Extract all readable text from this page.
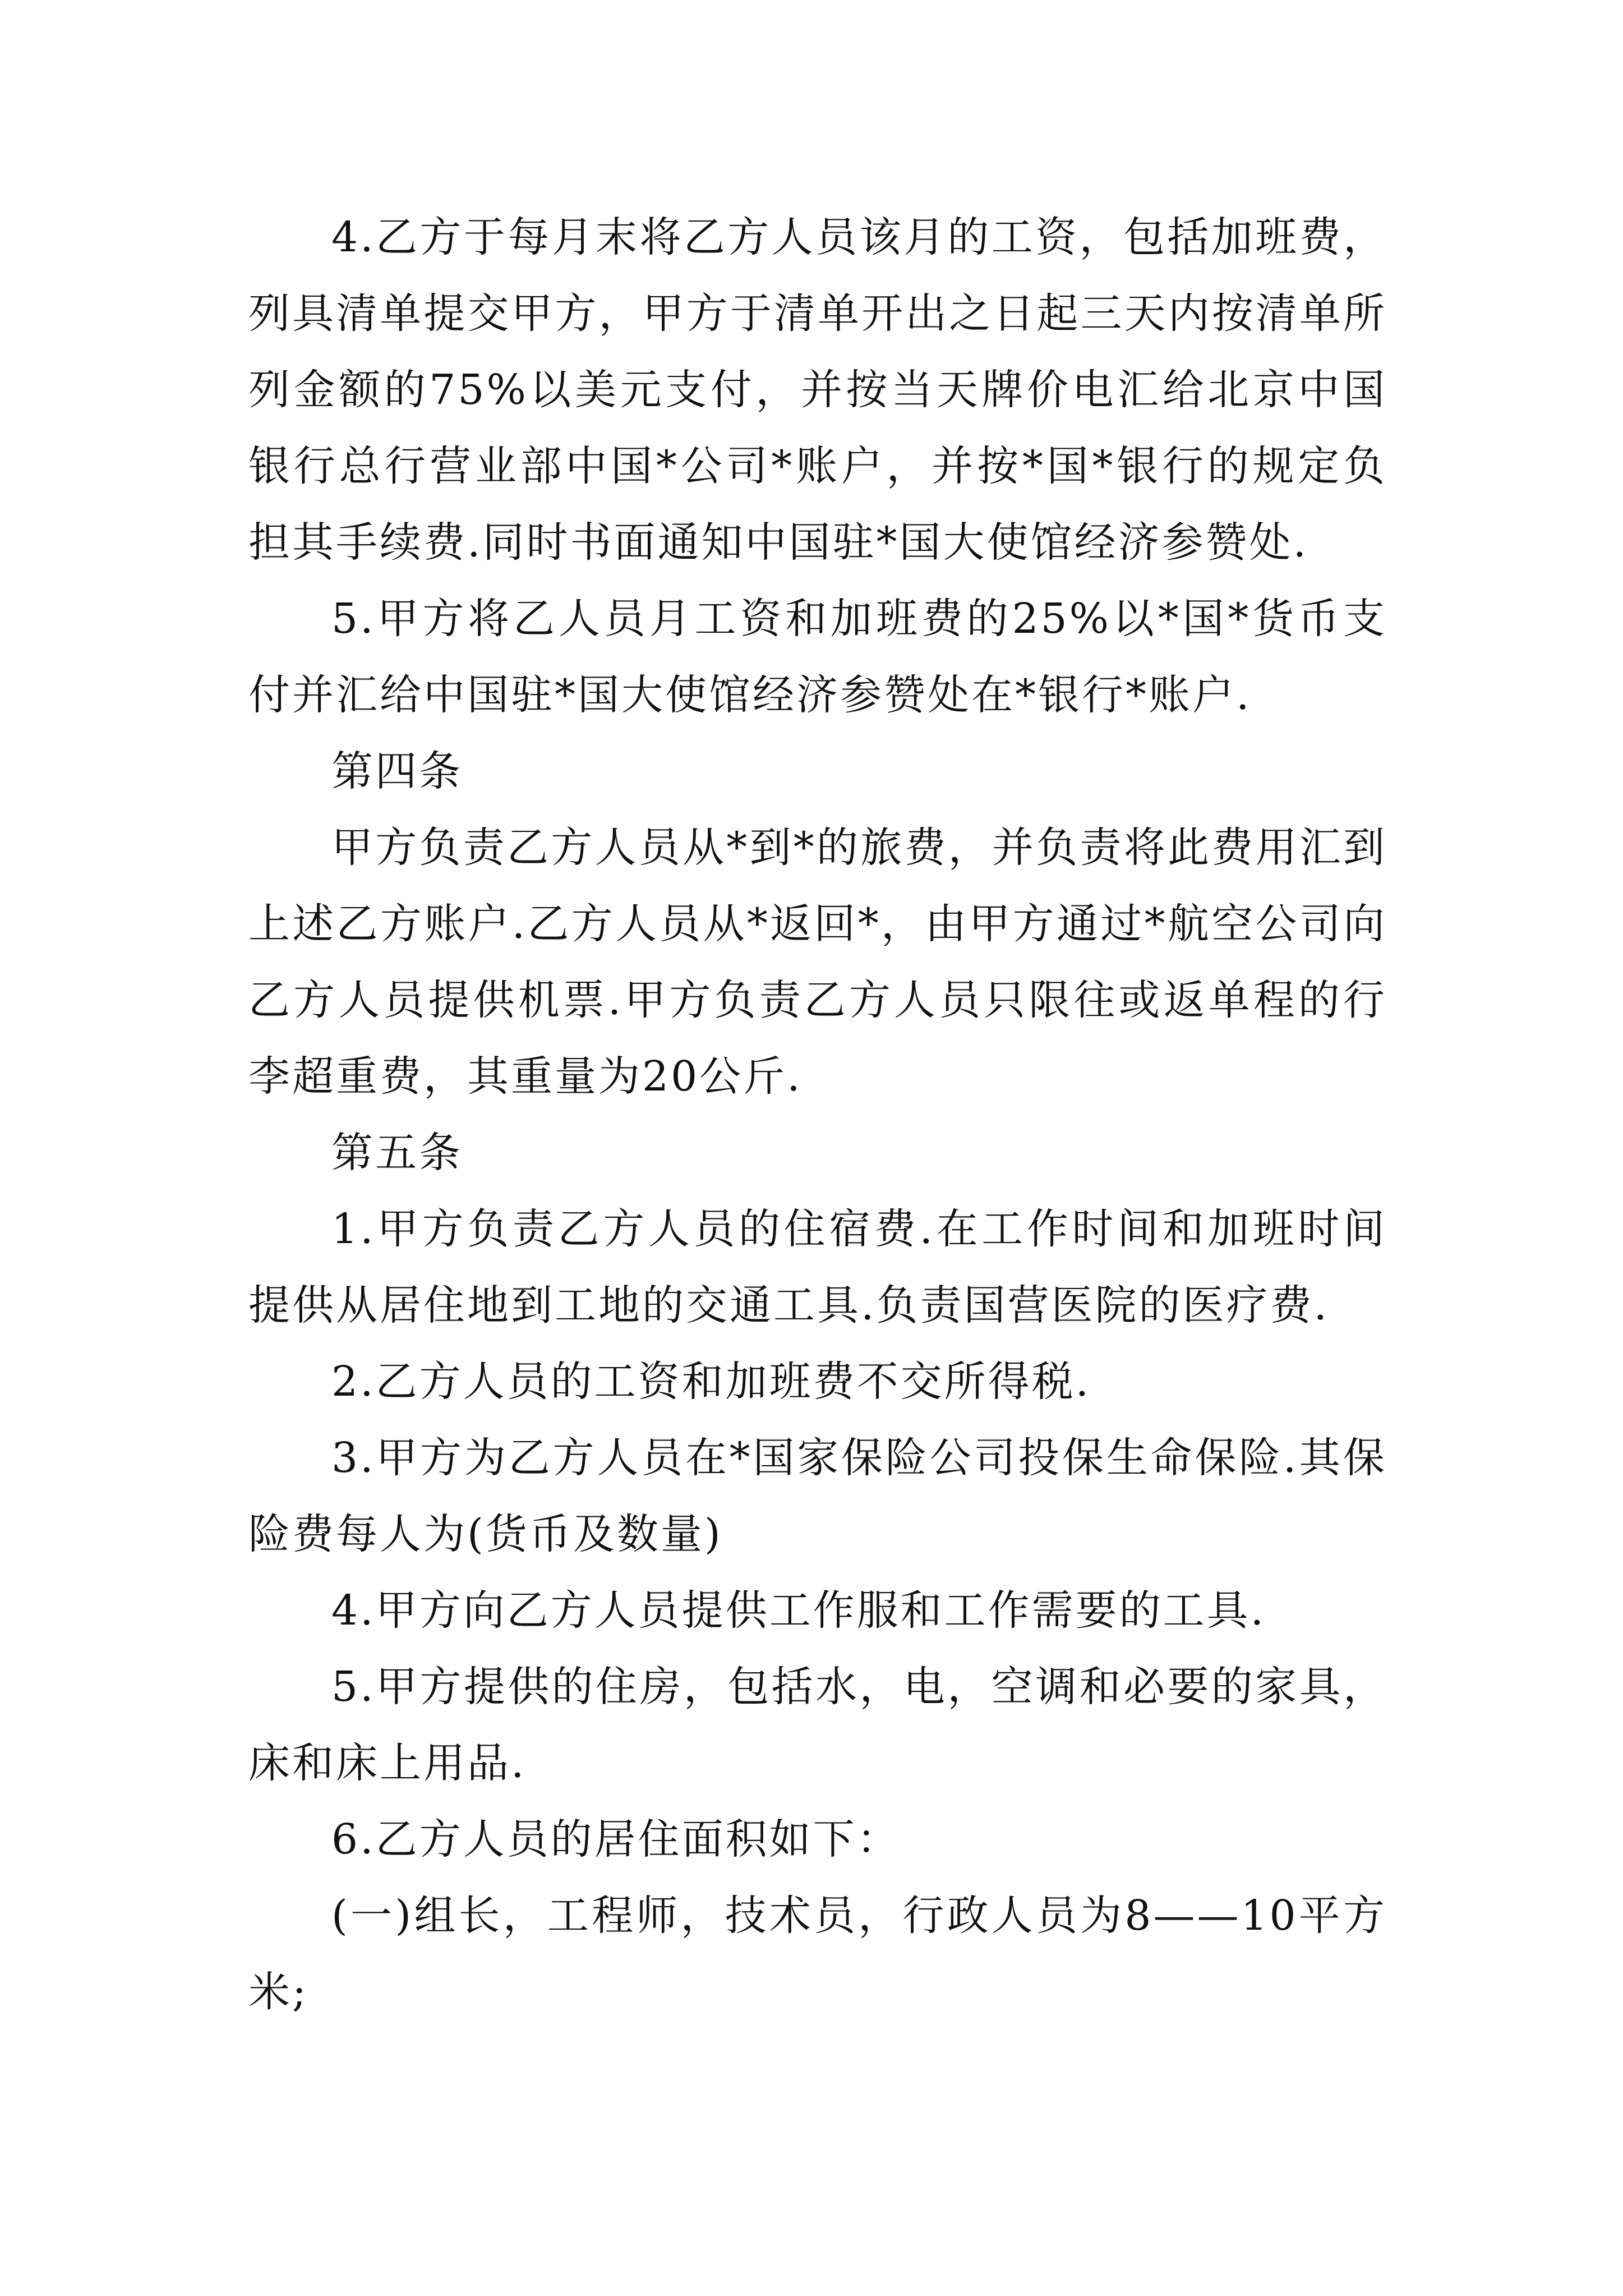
4.乙方于每月末将乙方人员该月的工资，包括加班费，列具清单提交甲方，甲方于清单开出之日起三天内按清单所列金额的75%以美元支付，并按当天牌价电汇给北京中国银行总行营业部中国*公司*账户，并按*国*银行的规定负担其手续费.同时书面通知中国驻*国大使馆经济参赞处.

5.甲方将乙人员月工资和加班费的25%以*国*货币支付并汇给中国驻*国大使馆经济参赞处在*银行*账户.

第四条

甲方负责乙方人员从*到*的旅费，并负责将此费用汇到上述乙方账户.乙方人员从*返回*，由甲方通过*航空公司向乙方人员提供机票.甲方负责乙方人员只限往或返单程的行李超重费，其重量为20公斤.

第五条

1.甲方负责乙方人员的住宿费.在工作时间和加班时间提供从居住地到工地的交通工具.负责国营医院的医疗费.

2.乙方人员的工资和加班费不交所得税.

3.甲方为乙方人员在*国家保险公司投保生命保险.其保险费每人为(货币及数量)

4.甲方向乙方人员提供工作服和工作需要的工具.

5.甲方提供的住房，包括水，电，空调和必要的家具，床和床上用品.

6.乙方人员的居住面积如下：

(一)组长，工程师，技术员，行政人员为8——10平方米;
